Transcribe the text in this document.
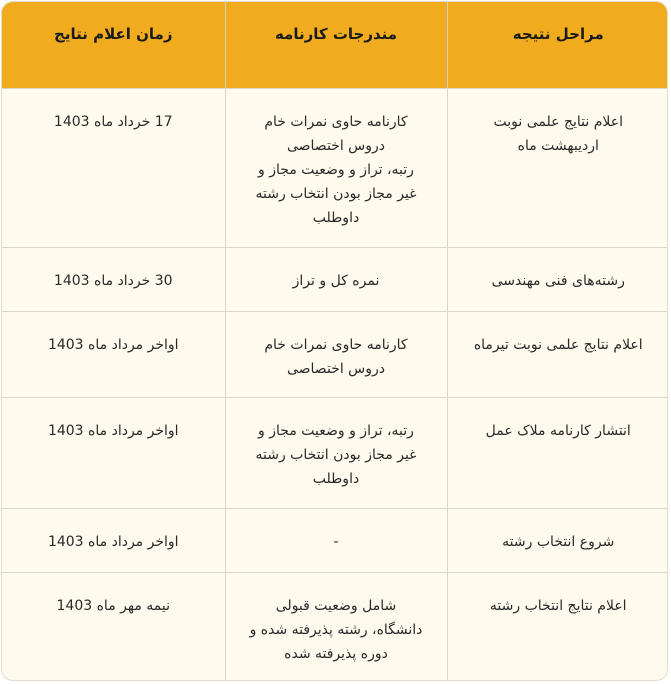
مراحل نتیجه	مندرجات کارنامه	زمان اعلام نتایج
اعلام نتایج علمی نوبت
اردیبهشت ماه	کارنامه حاوی نمرات خام
دروس اختصاصی
رتبه، تراز و وضعیت مجاز و
غیر مجاز بودن انتخاب رشته
داوطلب	17 خرداد ماه 1403
رشته‌های فنی مهندسی	نمره کل و تراز	30 خرداد ماه 1403
اعلام نتایج علمی نوبت تیرماه	کارنامه حاوی نمرات خام
دروس اختصاصی	اواخر مرداد ماه 1403
انتشار کارنامه ملاک عمل	رتبه، تراز و وضعیت مجاز و
غیر مجاز بودن انتخاب رشته
داوطلب	اواخر مرداد ماه 1403
شروع انتخاب رشته	-	اواخر مرداد ماه 1403
اعلام نتایج انتخاب رشته	شامل وضعیت قبولی
دانشگاه، رشته پذیرفته شده و
دوره پذیرفته شده	نیمه مهر ماه 1403
